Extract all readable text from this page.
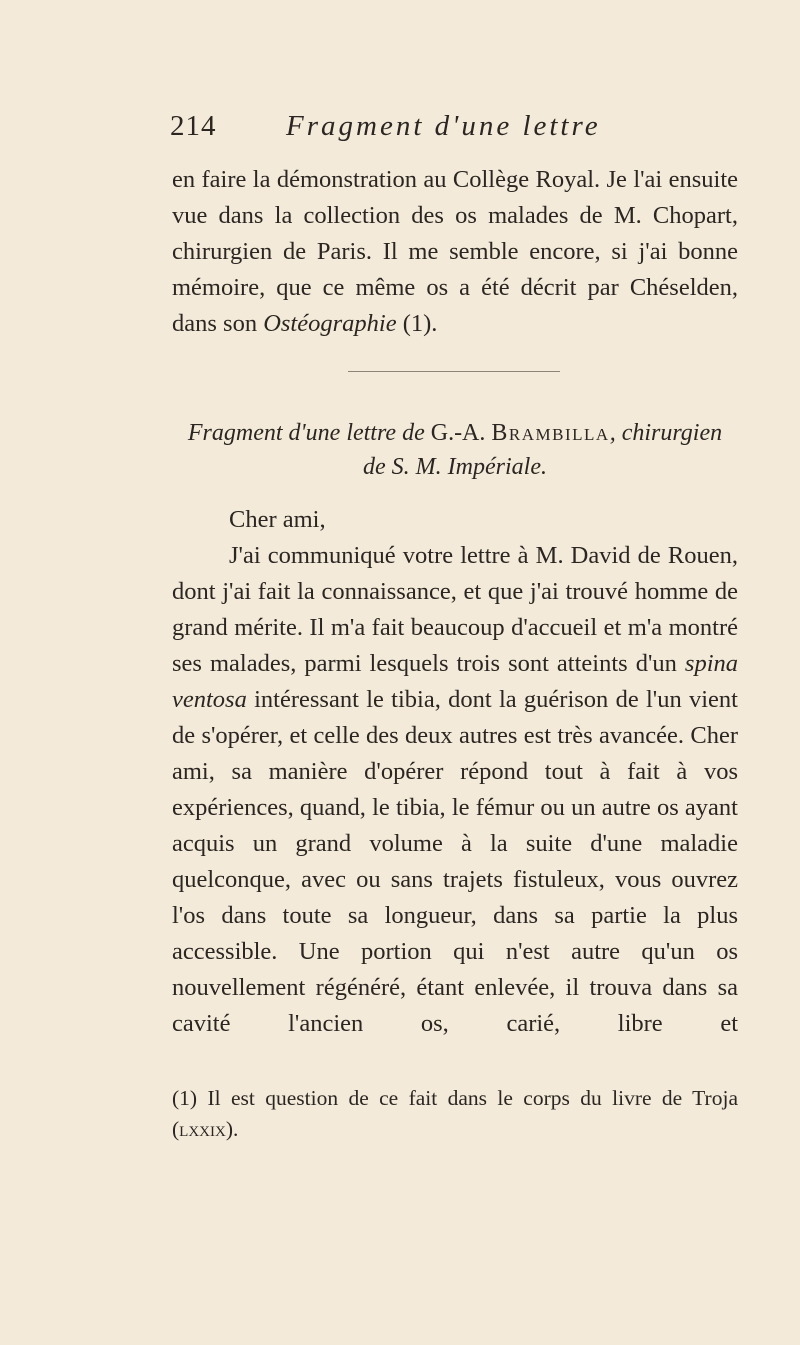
214 Fragment d'une lettre

en faire la démonstration au Collège Royal. Je l'ai ensuite vue dans la collection des os malades de M. Chopart, chirurgien de Paris. Il me semble encore, si j'ai bonne mémoire, que ce même os a été décrit par Chéselden, dans son Ostéographie (1).

Fragment d'une lettre de G.-A. Brambilla, chirurgien
de S. M. Impériale.
Cher ami,

J'ai communiqué votre lettre à M. David de Rouen, dont j'ai fait la connaissance, et que j'ai trouvé homme de grand mérite. Il m'a fait beaucoup d'accueil et m'a montré ses malades, parmi lesquels trois sont atteints d'un spina ventosa intéressant le tibia, dont la guérison de l'un vient de s'opérer, et celle des deux autres est très avancée. Cher ami, sa manière d'opérer répond tout à fait à vos expériences, quand, le tibia, le fémur ou un autre os ayant acquis un grand volume à la suite d'une maladie quelconque, avec ou sans trajets fistuleux, vous ouvrez l'os dans toute sa longueur, dans sa partie la plus accessible. Une portion qui n'est autre qu'un os nouvellement régénéré, étant enlevée, il trouva dans sa cavité l'ancien os, carié, libre et

(1) Il est question de ce fait dans le corps du livre de Troja (lxxix).
